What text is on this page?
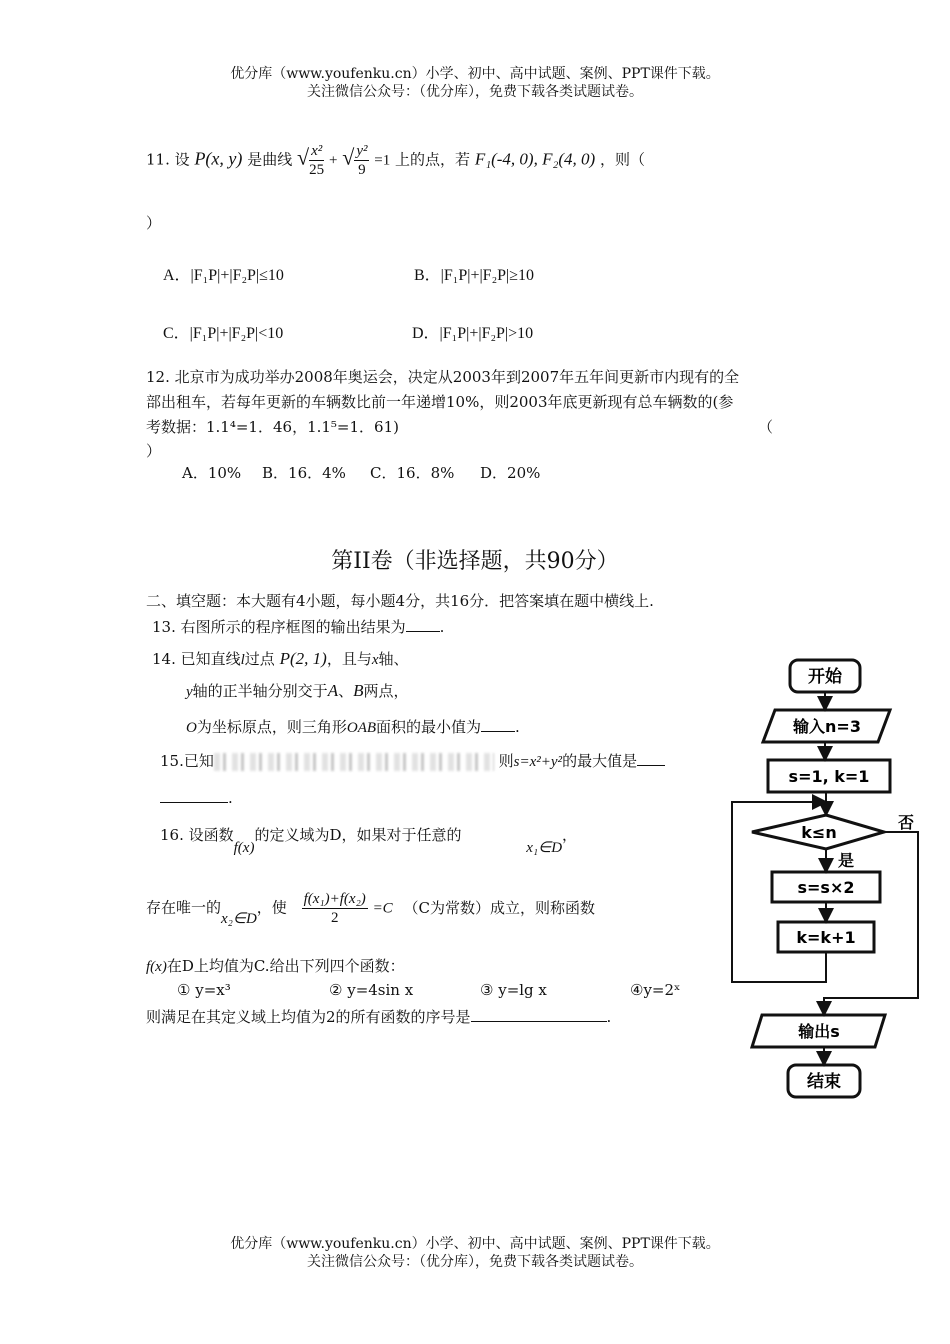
优分库（www.youfenku.cn）小学、初中、高中试题、案例、PPT课件下载。
关注微信公众号：（优分库），免费下载各类试题试卷。
11. 设 P(x, y) 是曲线 √ $\frac{\text{x²}}{25}$ + √ $\frac{\text{y²}}{9} =1$ 上的点，若 F₁(-4, 0), F₂(4, 0) ，则（
）
A．|F₁P|+|F₂P|≤10	B．|F₁P|+|F₂P|≥10
C．|F₁P|+|F₂P|<10	D．|F₁P|+|F₂P|>10
12. 北京市为成功举办2008年奥运会，决定从2003年到2007年五年间更新市内现有的全
部出租车，若每年更新的车辆数比前一年递增10%，则2003年底更新现有总车辆数的(参
考数据：1.1⁴=1．46，1.1⁵=1．61)	（
）
A．10% B．16．4% C．16．8% D．20%
第II卷（非选择题，共90分）
二、填空题：本大题有4小题，每小题4分，共16分．把答案填在题中横线上.
13. 右图所示的程序框图的输出结果为 .
14. 已知直线l过点 P(2, 1)，且与x轴、
y轴的正半轴分别交于A、B两点，
O为坐标原点，则三角形OAB面积的最小值为 .
15.已知	则s=x²+y²的最大值是
.
16. 设函数f(x)的定义域为D，如果对于任意的 x₁∈D，
存在唯一的x₂∈D，使 $\frac{\text{f(x₁)+f(x₂)}}{2} =C$ （C为常数）成立，则称函数
f(x)在D上均值为C.给出下列四个函数：
① y=x³	② y=4sin x	③ y=lg x	④y=2ˣ
则满足在其定义域上均值为2的所有函数的序号是	.
开始
输入n=3
s=1, k=1
k≤n
否
是
s=s×2
k=k+1
输出s
结束
优分库（www.youfenku.cn）小学、初中、高中试题、案例、PPT课件下载。
关注微信公众号：（优分库），免费下载各类试题试卷。
